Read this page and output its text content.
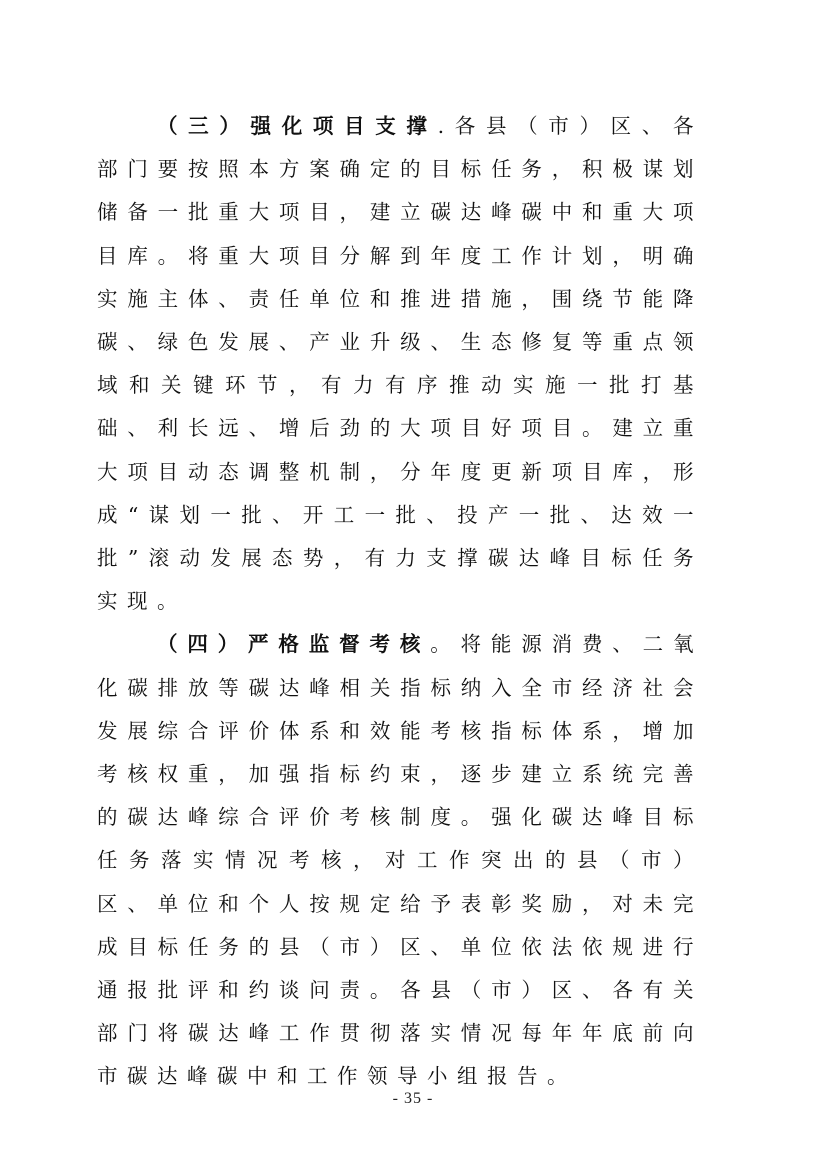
（三）强化项目支撑.各县（市）区、各部门要按照本方案确定的目标任务，积极谋划储备一批重大项目，建立碳达峰碳中和重大项目库。将重大项目分解到年度工作计划，明确实施主体、责任单位和推进措施，围绕节能降碳、绿色发展、产业升级、生态修复等重点领域和关键环节，有力有序推动实施一批打基础、利长远、增后劲的大项目好项目。建立重大项目动态调整机制，分年度更新项目库，形成“谋划一批、开工一批、投产一批、达效一批”滚动发展态势，有力支撑碳达峰目标任务实现。

（四）严格监督考核。将能源消费、二氧化碳排放等碳达峰相关指标纳入全市经济社会发展综合评价体系和效能考核指标体系，增加考核权重，加强指标约束，逐步建立系统完善的碳达峰综合评价考核制度。强化碳达峰目标任务落实情况考核，对工作突出的县（市）区、单位和个人按规定给予表彰奖励，对未完成目标任务的县（市）区、单位依法依规进行通报批评和约谈问责。各县（市）区、各有关部门将碳达峰工作贯彻落实情况每年年底前向市碳达峰碳中和工作领导小组报告。

- 35 -
